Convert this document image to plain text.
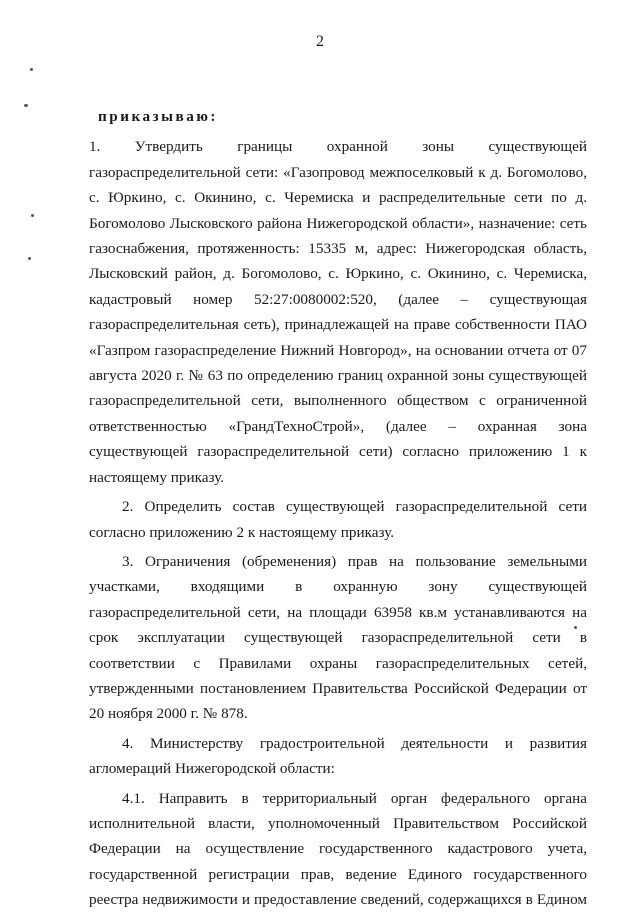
2

приказываю:

1. Утвердить границы охранной зоны существующей газораспределительной сети: «Газопровод межпоселковый к д. Богомолово, с. Юркино, с. Окинино, с. Черемиска и распределительные сети по д. Богомолово Лысковского района Нижегородской области», назначение: сеть газоснабжения, протяженность: 15335 м, адрес: Нижегородская область, Лысковский район, д. Богомолово, с. Юркино, с. Окинино, с. Черемиска, кадастровый номер 52:27:0080002:520, (далее – существующая газораспределительная сеть), принадлежащей на праве собственности ПАО «Газпром газораспределение Нижний Новгород», на основании отчета от 07 августа 2020 г. № 63 по определению границ охранной зоны существующей газораспределительной сети, выполненного обществом с ограниченной ответственностью «ГрандТехноСтрой», (далее – охранная зона существующей газораспределительной сети) согласно приложению 1 к настоящему приказу.

2. Определить состав существующей газораспределительной сети согласно приложению 2 к настоящему приказу.

3. Ограничения (обременения) прав на пользование земельными участками, входящими в охранную зону существующей газораспределительной сети, на площади 63958 кв.м устанавливаются на срок эксплуатации существующей газораспределительной сети в соответствии с Правилами охраны газораспределительных сетей, утвержденными постановлением Правительства Российской Федерации от 20 ноября 2000 г. № 878.

4. Министерству градостроительной деятельности и развития агломераций Нижегородской области:

4.1. Направить в территориальный орган федерального органа исполнительной власти, уполномоченный Правительством Российской Федерации на осуществление государственного кадастрового учета, государственной регистрации прав, ведение Единого государственного реестра недвижимости и предоставление сведений, содержащихся в Едином
